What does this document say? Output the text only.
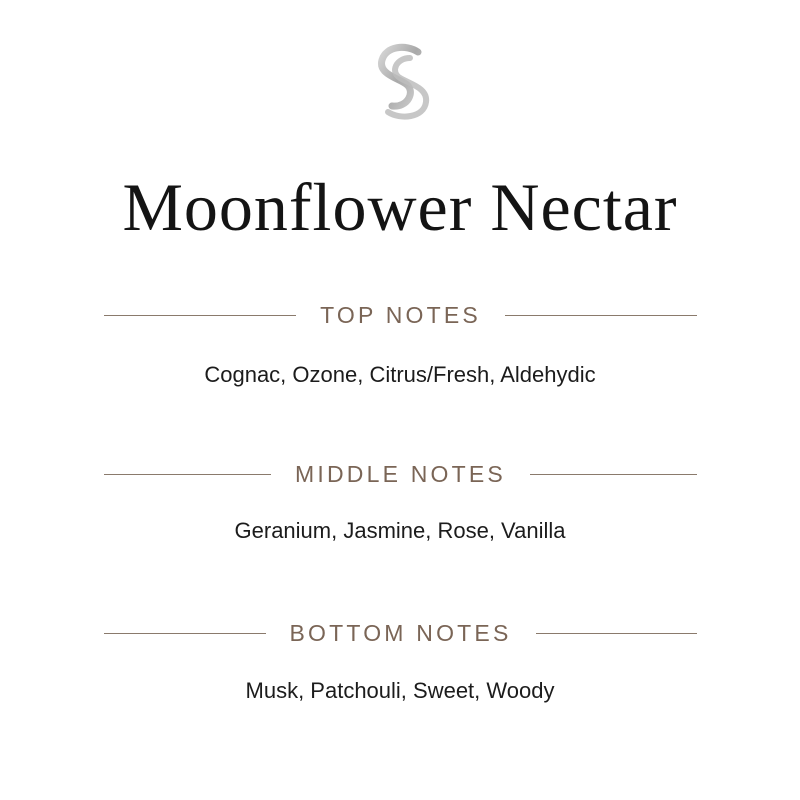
Moonflower Nectar
TOP NOTES
Cognac, Ozone, Citrus/Fresh, Aldehydic
MIDDLE NOTES
Geranium, Jasmine, Rose, Vanilla
BOTTOM NOTES
Musk, Patchouli, Sweet, Woody
